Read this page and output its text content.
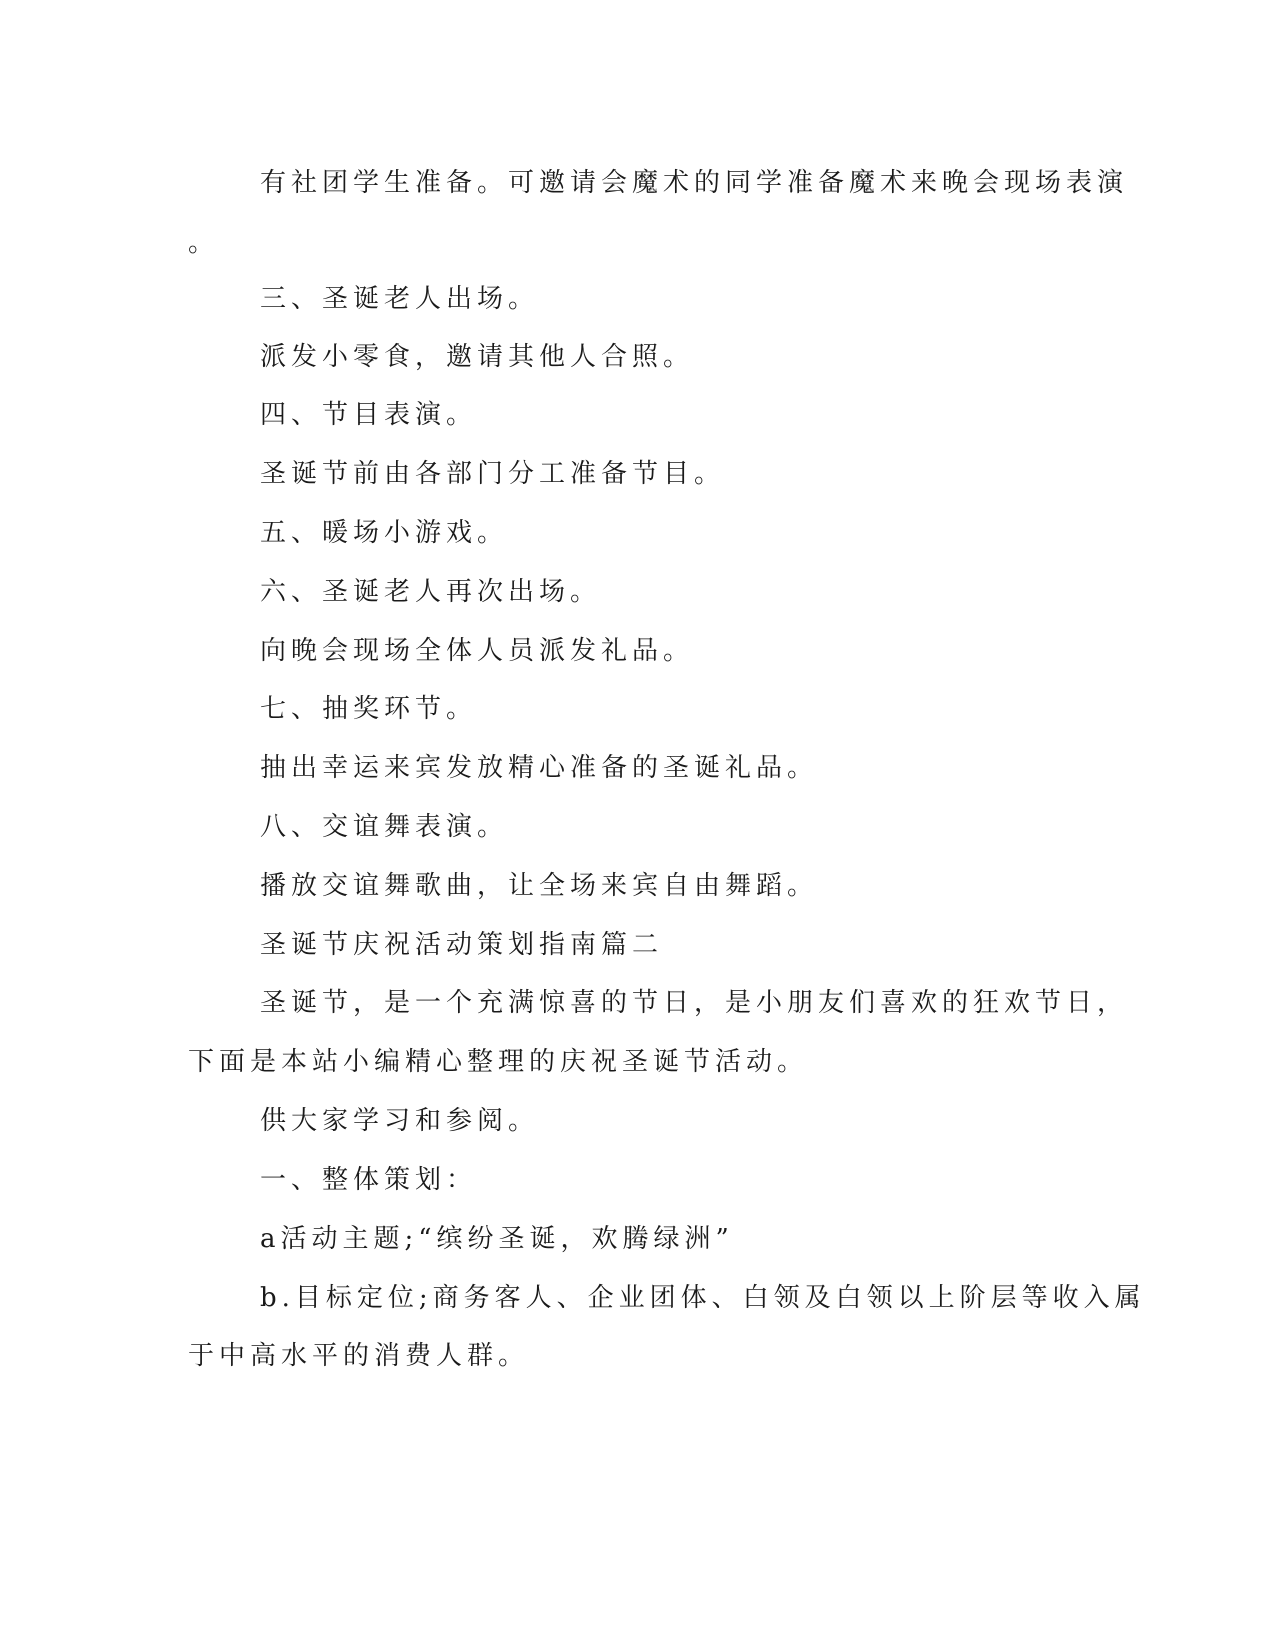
有社团学生准备。可邀请会魔术的同学准备魔术来晚会现场表演
。
三、圣诞老人出场。
派发小零食，邀请其他人合照。
四、节目表演。
圣诞节前由各部门分工准备节目。
五、暖场小游戏。
六、圣诞老人再次出场。
向晚会现场全体人员派发礼品。
七、抽奖环节。
抽出幸运来宾发放精心准备的圣诞礼品。
八、交谊舞表演。
播放交谊舞歌曲，让全场来宾自由舞蹈。
圣诞节庆祝活动策划指南篇二
圣诞节，是一个充满惊喜的节日，是小朋友们喜欢的狂欢节日，
下面是本站小编精心整理的庆祝圣诞节活动。
供大家学习和参阅。
一、整体策划：
a活动主题;“缤纷圣诞，欢腾绿洲”
b.目标定位;商务客人、企业团体、白领及白领以上阶层等收入属
于中高水平的消费人群。
